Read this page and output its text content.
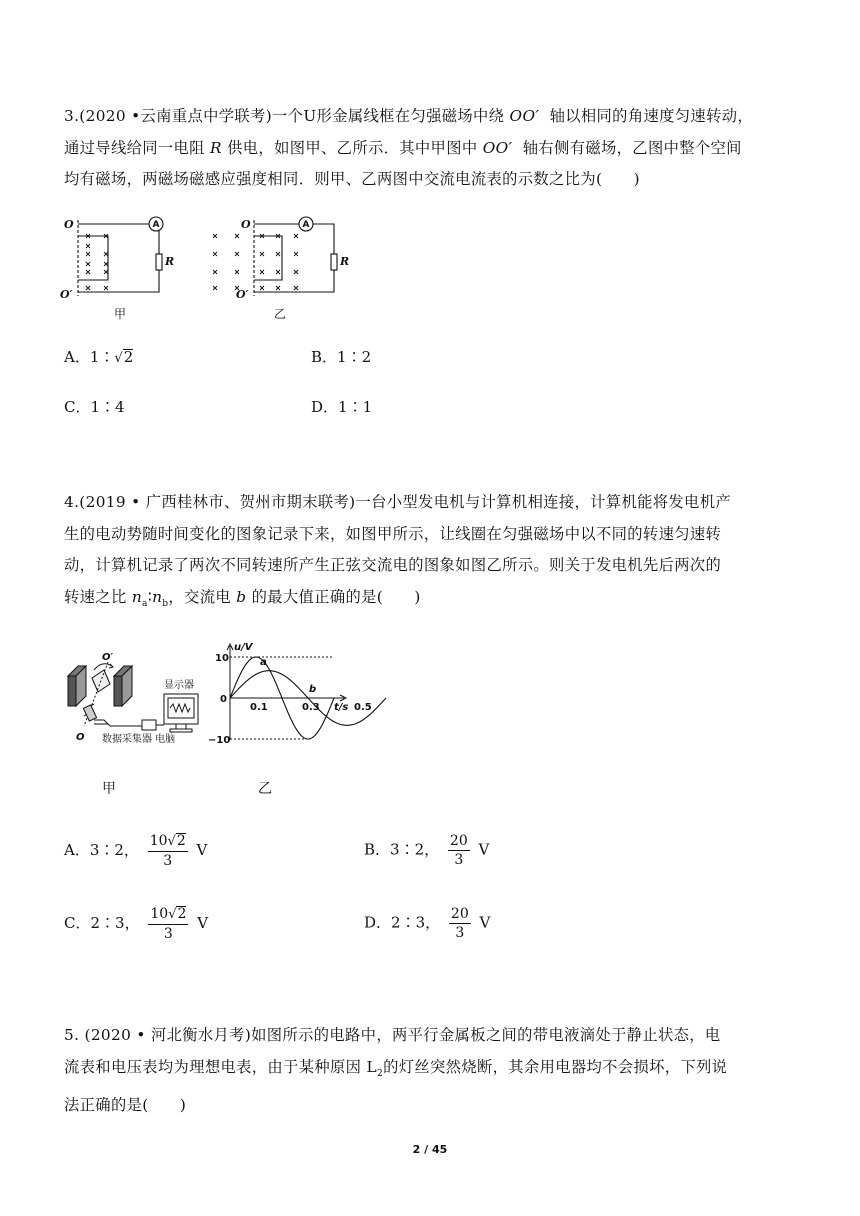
3.(2020 •云南重点中学联考)一个U形金属线框在匀强磁场中绕 OO′ 轴以相同的角速度匀速转动，
通过导线给同一电阻 R 供电，如图甲、乙所示．其中甲图中 OO′ 轴右侧有磁场，乙图中整个空间
均有磁场，两磁场磁感应强度相同．则甲、乙两图中交流电流表的示数之比为(　　)
O
O′
R
O
O′
R
A	A
甲	乙
A．1∶√2	B．1∶2
C．1∶4	D．1∶1
4.(2019 • 广西桂林市、贺州市期末联考)一台小型发电机与计算机相连接，计算机能将发电机产
生的电动势随时间变化的图象记录下来，如图甲所示，让线圈在匀强磁场中以不同的转速匀速转
动，计算机记录了两次不同转速所产生正弦交流电的图象如图乙所示。则关于发电机先后两次的
转速之比 $n_a∶n_b$，交流电 b 的最大值正确的是(　　)
O′
O
显示器
数据采集器 电脑
甲
u/V
t/s
10
0
−10
0.1	0.3	0.5
a
b
乙
A．3∶2， $\frac{10√2}{3}$ V	B．3∶2， $\frac{20}{3}$ V
C．2∶3， $\frac{10√2}{3}$ V	D．2∶3， $\frac{20}{3}$ V
5. (2020 • 河北衡水月考)如图所示的电路中，两平行金属板之间的带电液滴处于静止状态，电
流表和电压表均为理想电表，由于某种原因 $L_2$的灯丝突然烧断，其余用电器均不会损坏，下列说
法正确的是(　　)
2 / 45
